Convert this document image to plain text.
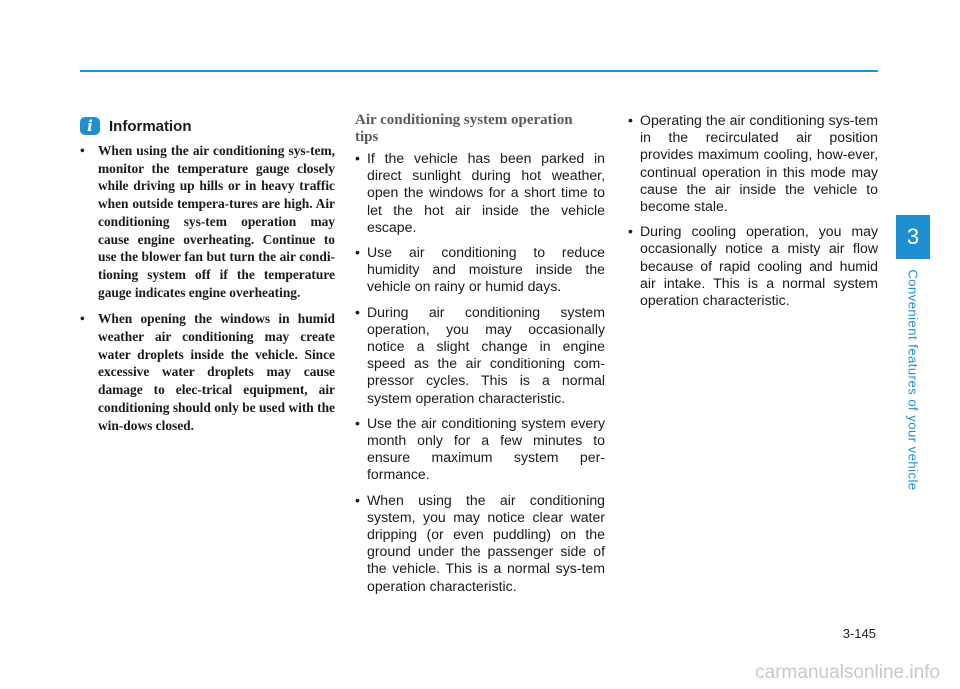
i	Information
• When using the air conditioning sys-tem, monitor the temperature gauge closely while driving up hills or in heavy traffic when outside tempera-tures are high. Air conditioning sys-tem operation may cause engine overheating. Continue to use the blower fan but turn the air condi-tioning system off if the temperature gauge indicates engine overheating.
• When opening the windows in humid weather air conditioning may create water droplets inside the vehicle. Since excessive water droplets may cause damage to elec-trical equipment, air conditioning should only be used with the win-dows closed.
Air conditioning system operation tips
• If the vehicle has been parked in direct sunlight during hot weather, open the windows for a short time to let the hot air inside the vehicle escape.
• Use air conditioning to reduce humidity and moisture inside the vehicle on rainy or humid days.
• During air conditioning system operation, you may occasionally notice a slight change in engine speed as the air conditioning com-pressor cycles. This is a normal system operation characteristic.
• Use the air conditioning system every month only for a few minutes to ensure maximum system per-formance.
• When using the air conditioning system, you may notice clear water dripping (or even puddling) on the ground under the passenger side of the vehicle. This is a normal sys-tem operation characteristic.
• Operating the air conditioning sys-tem in the recirculated air position provides maximum cooling, how-ever, continual operation in this mode may cause the air inside the vehicle to become stale.
• During cooling operation, you may occasionally notice a misty air flow because of rapid cooling and humid air intake. This is a normal system operation characteristic.
3
Convenient features of your vehicle
3-145
carmanualsonline.info
